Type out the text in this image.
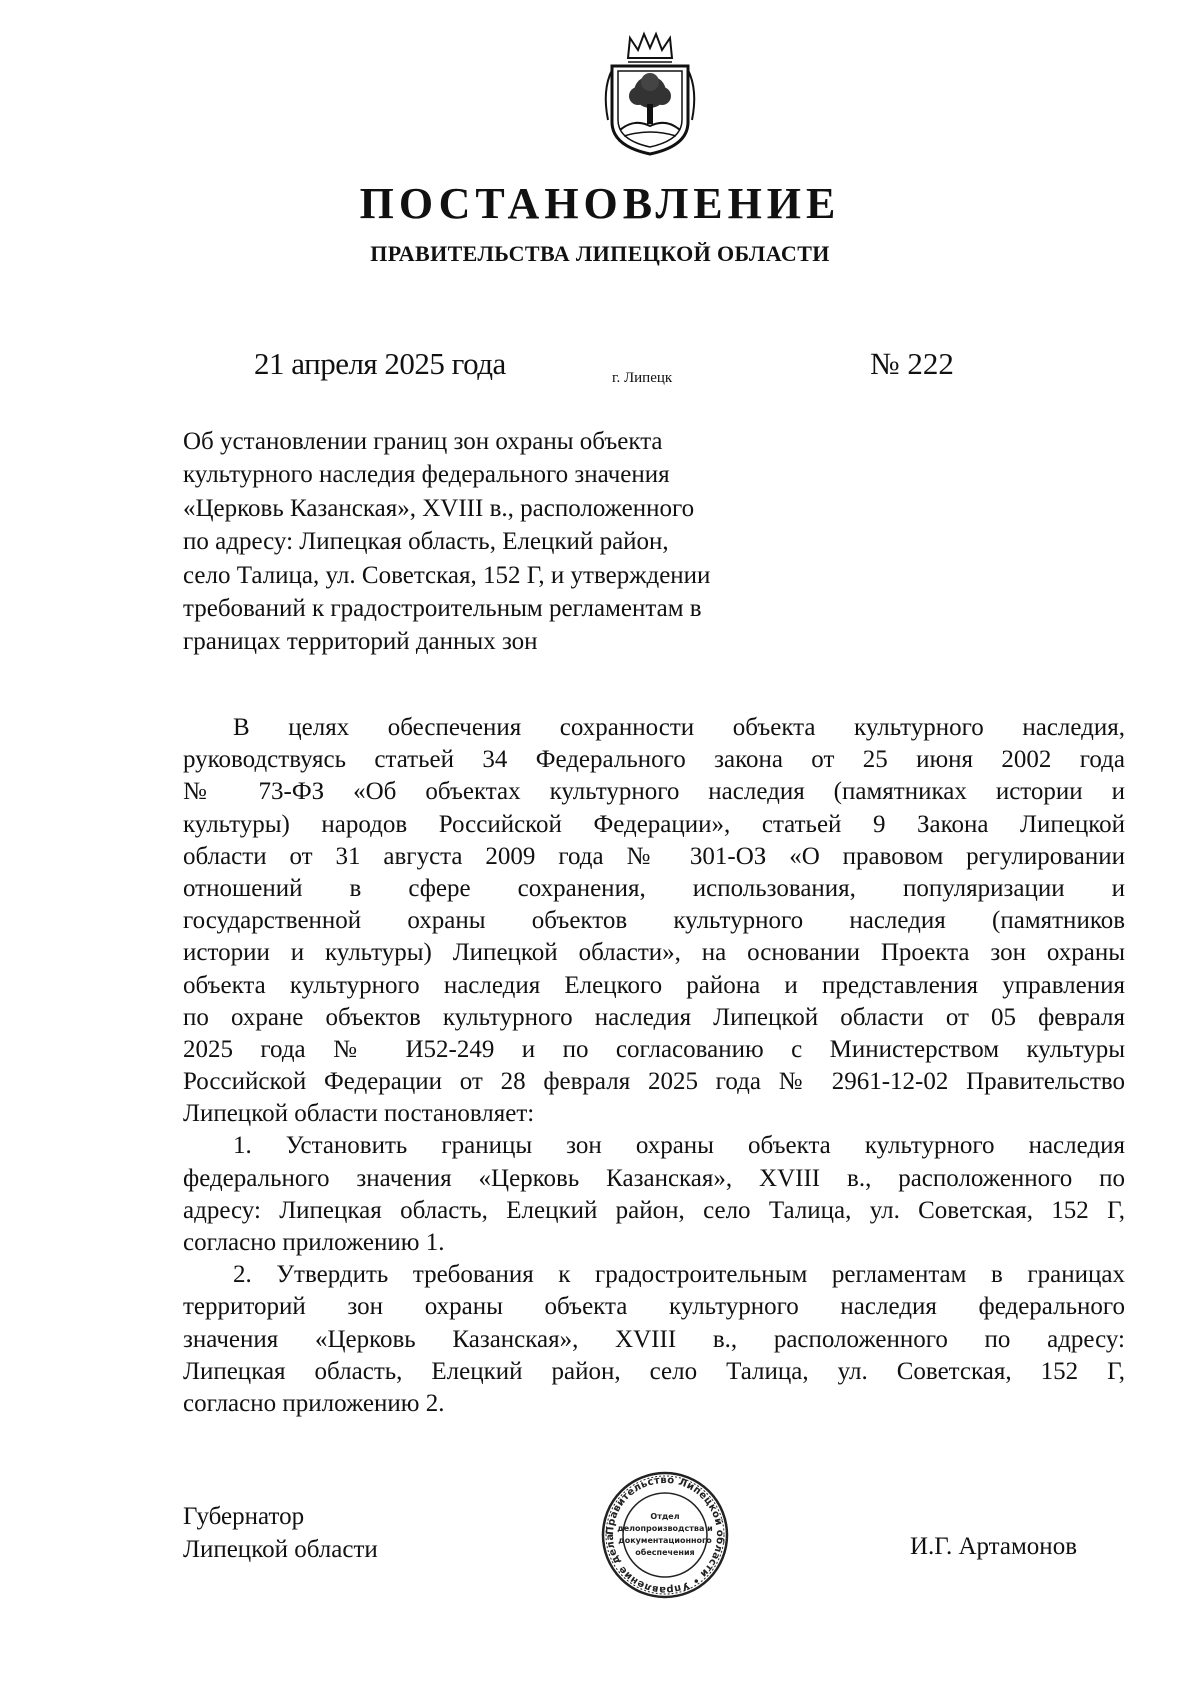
ПОСТАНОВЛЕНИЕ
ПРАВИТЕЛЬСТВА ЛИПЕЦКОЙ ОБЛАСТИ
21 апреля 2025 года	г. Липецк	№ 222
Об установлении границ зон охраны объекта
культурного наследия федерального значения
«Церковь Казанская», XVIII в., расположенного
по адресу: Липецкая область, Елецкий район,
село Талица, ул. Советская, 152 Г, и утверждении
требований к градостроительным регламентам в
границах территорий данных зон
В целях обеспечения сохранности объекта культурного наследия,
руководствуясь статьей 34 Федерального закона от 25 июня 2002 года
№ 73-ФЗ «Об объектах культурного наследия (памятниках истории и
культуры) народов Российской Федерации», статьей 9 Закона Липецкой
области от 31 августа 2009 года № 301-ОЗ «О правовом регулировании
отношений в сфере сохранения, использования, популяризации и
государственной охраны объектов культурного наследия (памятников
истории и культуры) Липецкой области», на основании Проекта зон охраны
объекта культурного наследия Елецкого района и представления управления
по охране объектов культурного наследия Липецкой области от 05 февраля
2025 года № И52-249 и по согласованию с Министерством культуры
Российской Федерации от 28 февраля 2025 года № 2961-12-02 Правительство
Липецкой области постановляет:
1. Установить границы зон охраны объекта культурного наследия
федерального значения «Церковь Казанская», XVIII в., расположенного по
адресу: Липецкая область, Елецкий район, село Талица, ул. Советская, 152 Г,
согласно приложению 1.
2. Утвердить требования к градостроительным регламентам в границах
территорий зон охраны объекта культурного наследия федерального
значения «Церковь Казанская», XVIII в., расположенного по адресу:
Липецкая область, Елецкий район, село Талица, ул. Советская, 152 Г,
согласно приложению 2.
Губернатор
Липецкой области	И.Г. Артамонов
Правительство Липецкой области • Управление дела
Отдел
делопроизводства и
документационного
обеспечения
